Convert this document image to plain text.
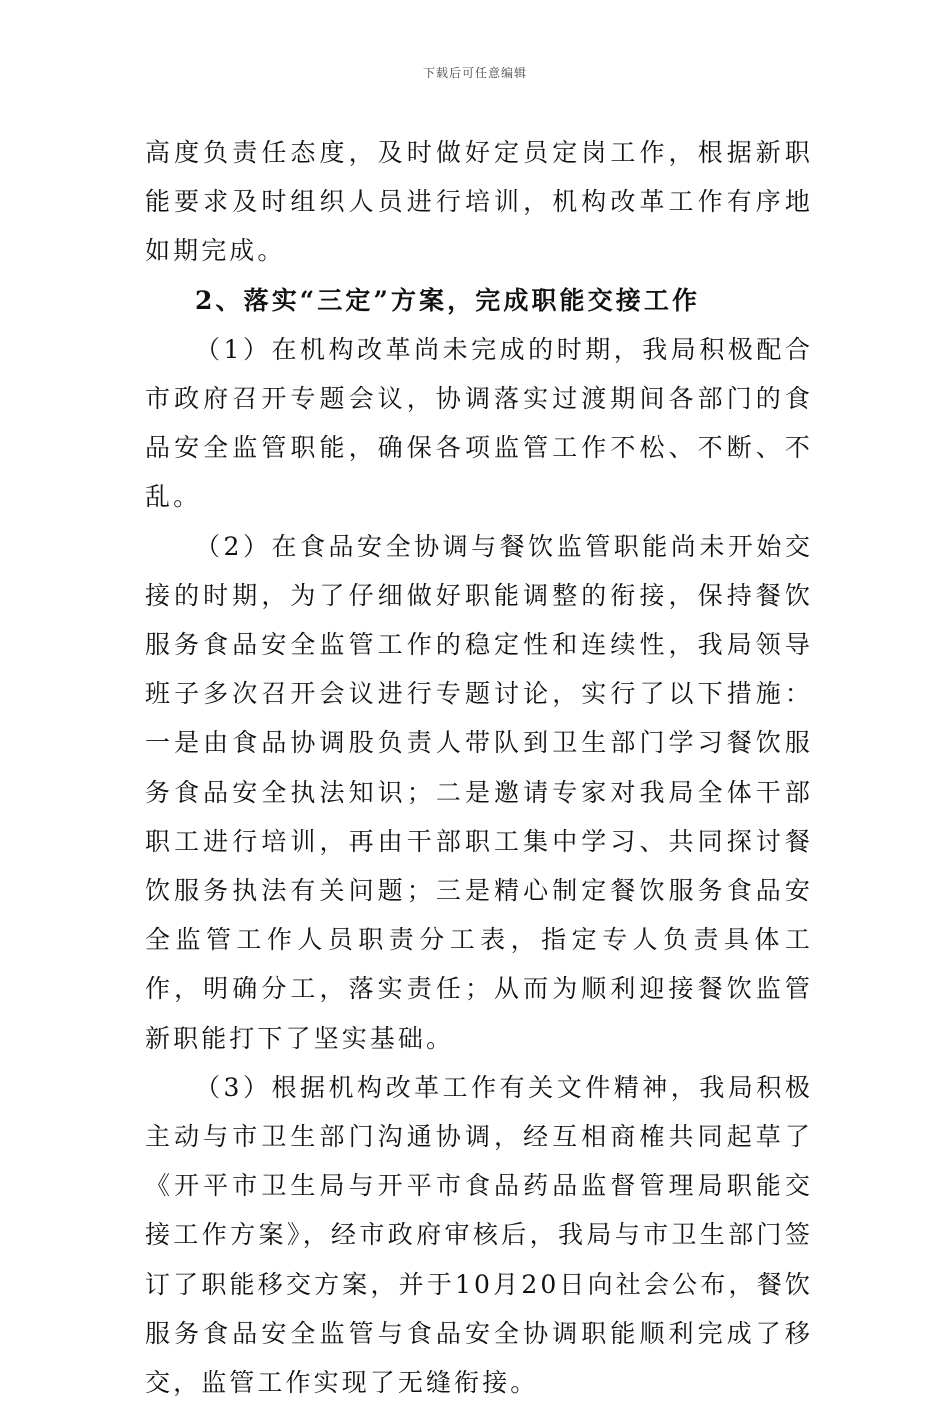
下载后可任意编辑

高度负责任态度，及时做好定员定岗工作，根据新职能要求及时组织人员进行培训，机构改革工作有序地如期完成。

2、落实“三定”方案，完成职能交接工作

（1）在机构改革尚未完成的时期，我局积极配合市政府召开专题会议，协调落实过渡期间各部门的食品安全监管职能，确保各项监管工作不松、不断、不乱。

（2）在食品安全协调与餐饮监管职能尚未开始交接的时期，为了仔细做好职能调整的衔接，保持餐饮服务食品安全监管工作的稳定性和连续性，我局领导班子多次召开会议进行专题讨论，实行了以下措施：一是由食品协调股负责人带队到卫生部门学习餐饮服务食品安全执法知识；二是邀请专家对我局全体干部职工进行培训，再由干部职工集中学习、共同探讨餐饮服务执法有关问题；三是精心制定餐饮服务食品安全监管工作人员职责分工表，指定专人负责具体工作，明确分工，落实责任；从而为顺利迎接餐饮监管新职能打下了坚实基础。

（3）根据机构改革工作有关文件精神，我局积极主动与市卫生部门沟通协调，经互相商榷共同起草了《开平市卫生局与开平市食品药品监督管理局职能交接工作方案》，经市政府审核后，我局与市卫生部门签订了职能移交方案，并于10月20日向社会公布，餐饮服务食品安全监管与食品安全协调职能顺利完成了移交，监管工作实现了无缝衔接。
